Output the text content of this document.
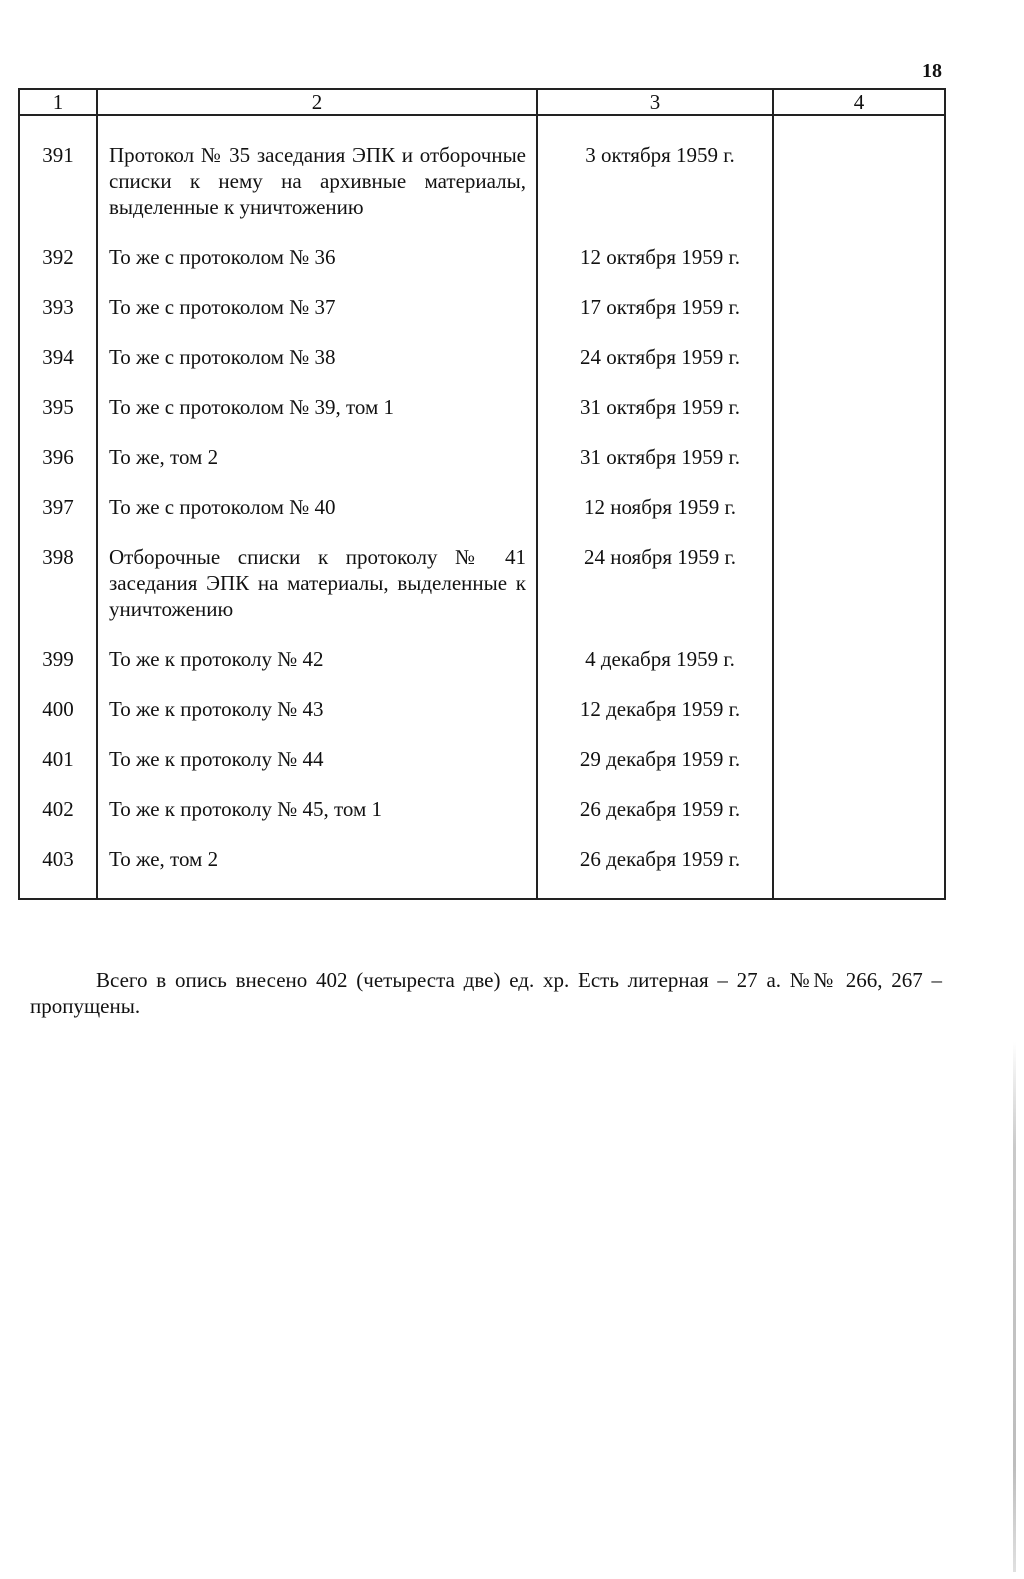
18
1	2	3	4
391	Протокол № 35 заседания ЭПК и отборочные списки к нему на архивные материалы, выделенные к уничтожению	3 октября 1959 г.	
392	То же с протоколом № 36	12 октября 1959 г.	
393	То же с протоколом № 37	17 октября 1959 г.	
394	То же с протоколом № 38	24 октября 1959 г.	
395	То же с протоколом № 39, том 1	31 октября 1959 г.	
396	То же, том 2	31 октября 1959 г.	
397	То же с протоколом № 40	12 ноября 1959 г.	
398	Отборочные списки к протоколу № 41 заседания ЭПК на материалы, выделенные к уничтожению	24 ноября 1959 г.	
399	То же к протоколу № 42	4 декабря 1959 г.	
400	То же к протоколу № 43	12 декабря 1959 г.	
401	То же к протоколу № 44	29 декабря 1959 г.	
402	То же к протоколу № 45, том 1	26 декабря 1959 г.	
403	То же, том 2	26 декабря 1959 г.	

Всего в опись внесено 402 (четыреста две) ед. хр. Есть литерная – 27 а. №№ 266, 267 – пропущены.
